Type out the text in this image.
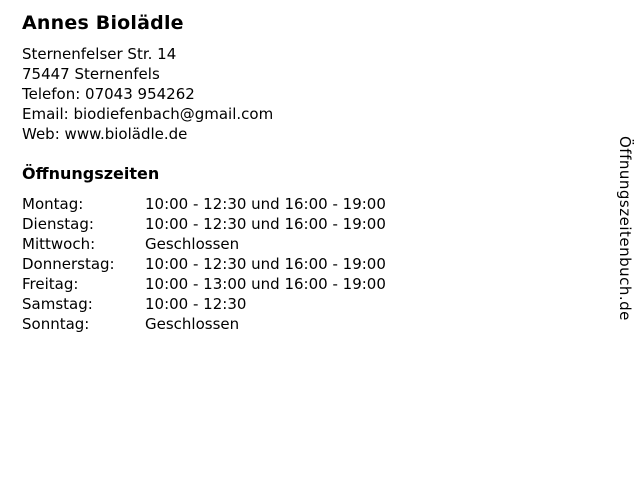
Annes Biolädle
Sternenfelser Str. 14
75447 Sternenfels
Telefon: 07043 954262
Email: biodiefenbach@gmail.com
Web: www.biolädle.de
Öffnungszeiten
Montag:	10:00 - 12:30 und 16:00 - 19:00
Dienstag:	10:00 - 12:30 und 16:00 - 19:00
Mittwoch:	Geschlossen
Donnerstag:	10:00 - 12:30 und 16:00 - 19:00
Freitag:	10:00 - 13:00 und 16:00 - 19:00
Samstag:	10:00 - 12:30
Sonntag:	Geschlossen
Öffnungszeitenbuch.de
